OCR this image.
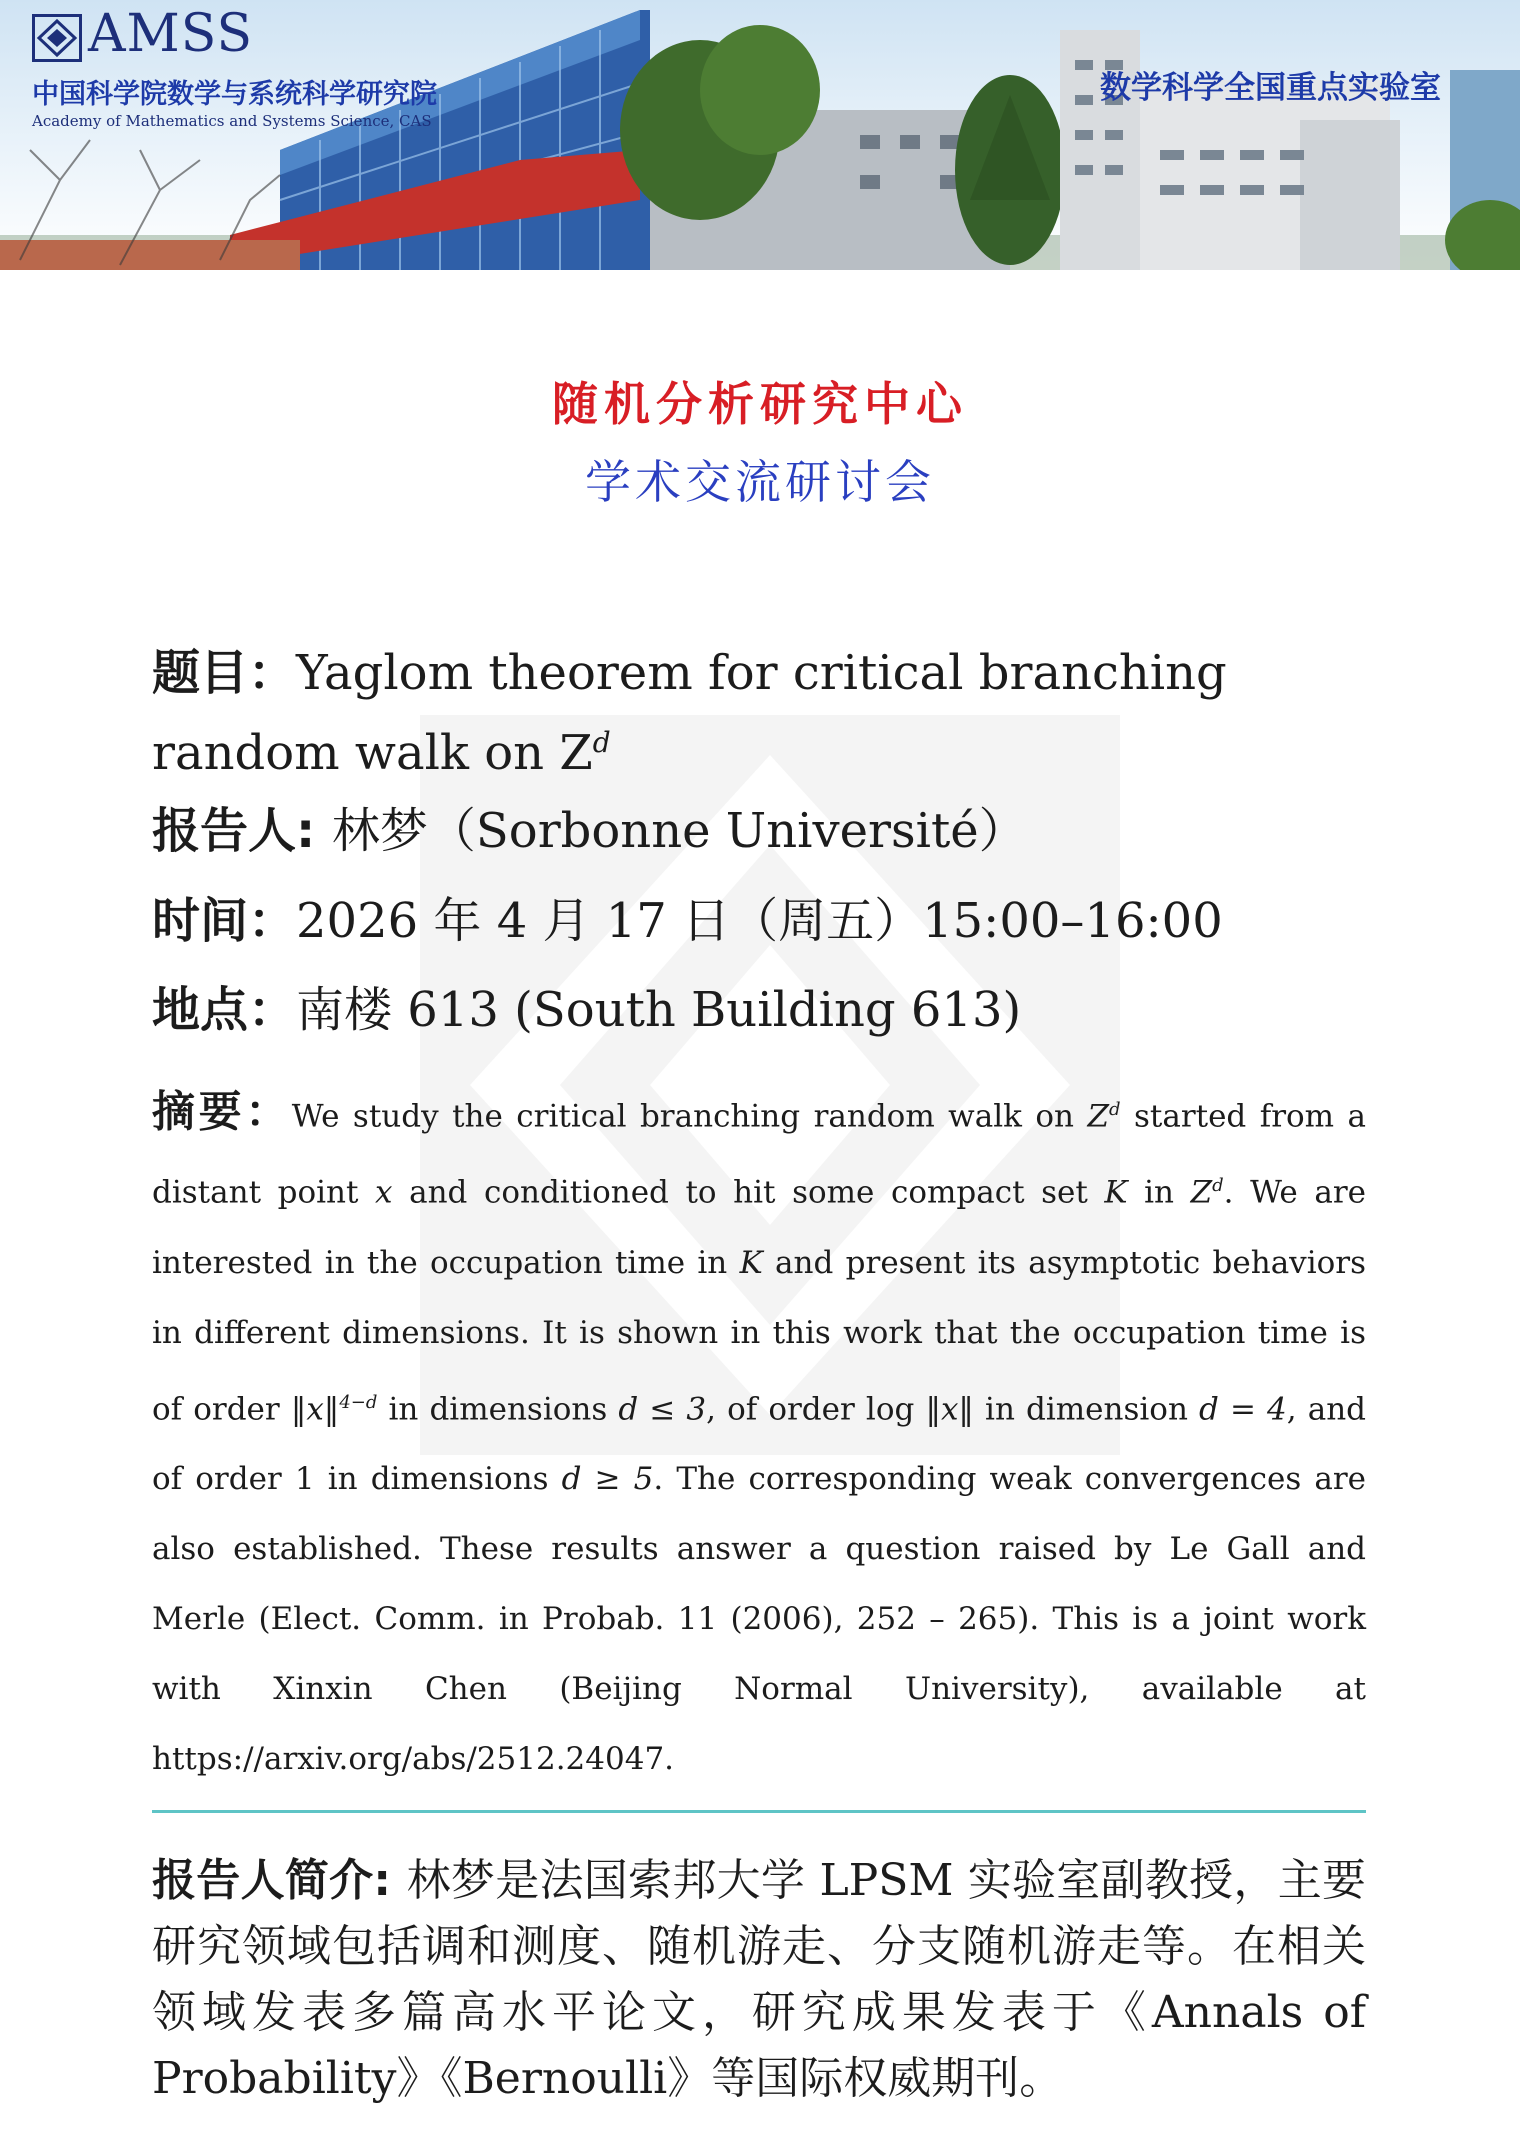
AMSS
中国科学院数学与系统科学研究院
Academy of Mathematics and Systems Science, CAS
数学科学全国重点实验室
随机分析研究中心
学术交流研讨会
题目：Yaglom theorem for critical branching random walk on $Z^d$
报告人: 林梦（Sorbonne Université）
时间：2026 年 4 月 17 日（周五）15:00–16:00
地点：南楼 613 (South Building 613)
摘要：We study the critical branching random walk on $Z^d$ started from a distant point x and conditioned to hit some compact set K in $Z^d$. We are interested in the occupation time in K and present its asymptotic behaviors in different dimensions. It is shown in this work that the occupation time is of order ‖x‖$^{4-d}$ in dimensions d ≤ 3, of order log ‖x‖ in dimension d = 4, and of order 1 in dimensions d ≥ 5. The corresponding weak convergences are also established. These results answer a question raised by Le Gall and Merle (Elect. Comm. in Probab. 11 (2006), 252 – 265). This is a joint work with Xinxin Chen (Beijing Normal University), available at https://arxiv.org/abs/2512.24047.
报告人简介: 林梦是法国索邦大学 LPSM 实验室副教授，主要研究领域包括调和测度、随机游走、分支随机游走等。在相关领域发表多篇高水平论文，研究成果发表于《Annals of Probability》《Bernoulli》等国际权威期刊。
